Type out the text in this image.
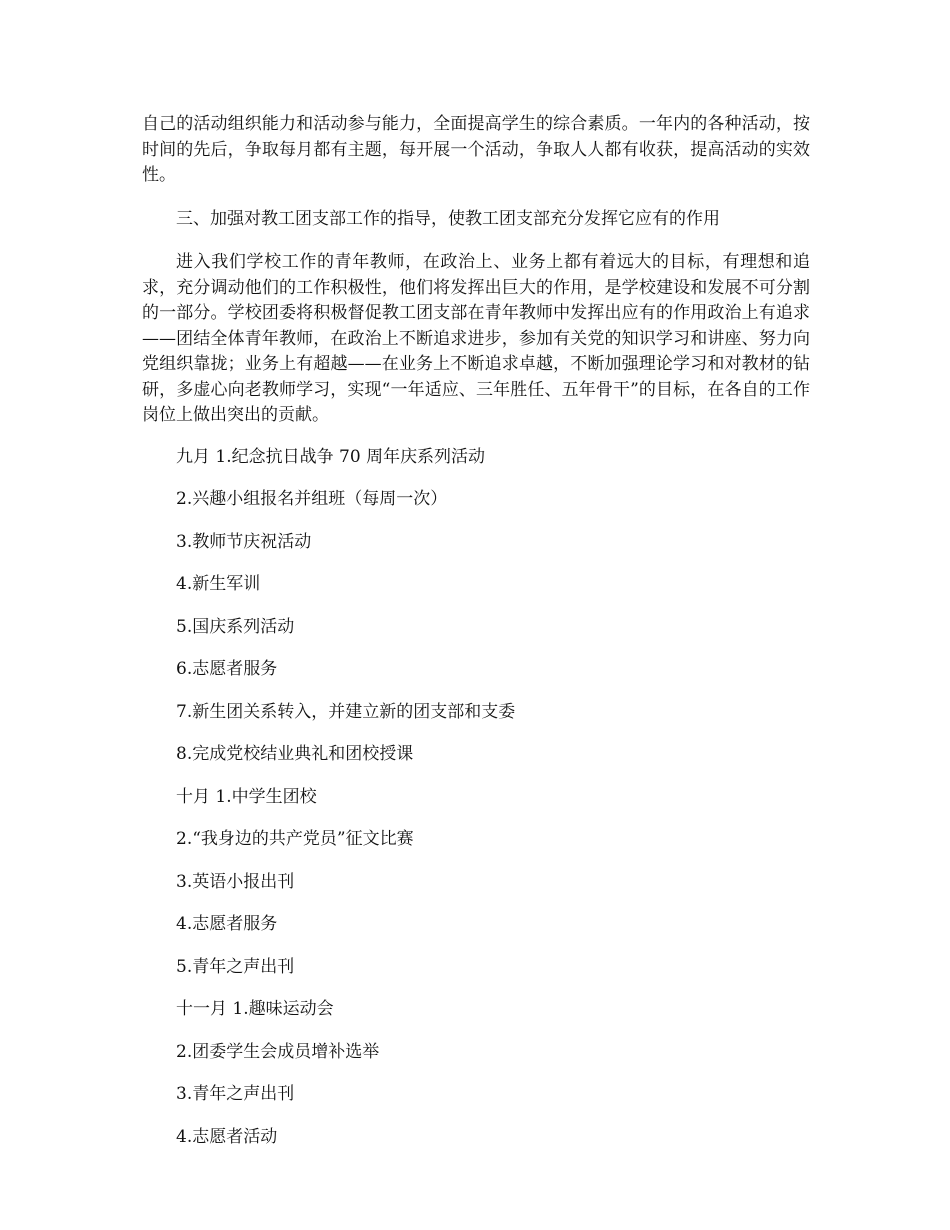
自己的活动组织能力和活动参与能力，全面提高学生的综合素质。一年内的各种活动，按时间的先后，争取每月都有主题，每开展一个活动，争取人人都有收获，提高活动的实效性。

三、加强对教工团支部工作的指导，使教工团支部充分发挥它应有的作用

进入我们学校工作的青年教师，在政治上、业务上都有着远大的目标，有理想和追求，充分调动他们的工作积极性，他们将发挥出巨大的作用，是学校建设和发展不可分割的一部分。学校团委将积极督促教工团支部在青年教师中发挥出应有的作用政治上有追求——团结全体青年教师，在政治上不断追求进步，参加有关党的知识学习和讲座、努力向党组织靠拢；业务上有超越——在业务上不断追求卓越，不断加强理论学习和对教材的钻研，多虚心向老教师学习，实现“一年适应、三年胜任、五年骨干”的目标，在各自的工作岗位上做出突出的贡献。

九月 1.纪念抗日战争 70 周年庆系列活动
2.兴趣小组报名并组班（每周一次）
3.教师节庆祝活动
4.新生军训
5.国庆系列活动
6.志愿者服务
7.新生团关系转入，并建立新的团支部和支委
8.完成党校结业典礼和团校授课
十月 1.中学生团校
2.“我身边的共产党员”征文比赛
3.英语小报出刊
4.志愿者服务
5.青年之声出刊
十一月 1.趣味运动会
2.团委学生会成员增补选举
3.青年之声出刊
4.志愿者活动
